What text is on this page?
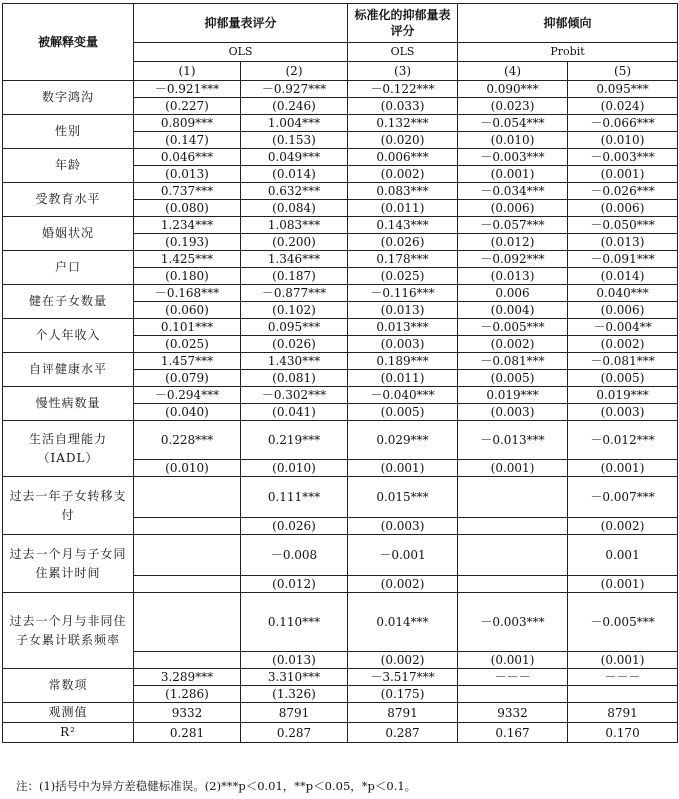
被解释变量	抑郁量表评分		标准化的抑郁量表评分	抑郁倾向	
	OLS		OLS	Probit	
	(1)	(2)	(3)	(4)	(5)
数字鸿沟	－0.921***	－0.927***	－0.122***	0.090***	0.095***
	(0.227)	(0.246)	(0.033)	(0.023)	(0.024)
性别	0.809***	1.004***	0.132***	－0.054***	－0.066***
	(0.147)	(0.153)	(0.020)	(0.010)	(0.010)
年龄	0.046***	0.049***	0.006***	－0.003***	－0.003***
	(0.013)	(0.014)	(0.002)	(0.001)	(0.001)
受教育水平	0.737***	0.632***	0.083***	－0.034***	－0.026***
	(0.080)	(0.084)	(0.011)	(0.006)	(0.006)
婚姻状况	1.234***	1.083***	0.143***	－0.057***	－0.050***
	(0.193)	(0.200)	(0.026)	(0.012)	(0.013)
户口	1.425***	1.346***	0.178***	－0.092***	－0.091***
	(0.180)	(0.187)	(0.025)	(0.013)	(0.014)
健在子女数量	－0.168***	－0.877***	－0.116***	0.006	0.040***
	(0.060)	(0.102)	(0.013)	(0.004)	(0.006)
个人年收入	0.101***	0.095***	0.013***	－0.005***	－0.004**
	(0.025)	(0.026)	(0.003)	(0.002)	(0.002)
自评健康水平	1.457***	1.430***	0.189***	－0.081***	－0.081***
	(0.079)	(0.081)	(0.011)	(0.005)	(0.005)
慢性病数量	－0.294***	－0.302***	－0.040***	0.019***	0.019***
	(0.040)	(0.041)	(0.005)	(0.003)	(0.003)
生活自理能力（IADL）	0.228***	0.219***	0.029***	－0.013***	－0.012***
	(0.010)	(0.010)	(0.001)	(0.001)	(0.001)
过去一年子女转移支付		0.111***	0.015***		－0.007***
		(0.026)	(0.003)		(0.002)
过去一个月与子女同住累计时间		－0.008	－0.001		0.001
		(0.012)	(0.002)		(0.001)
过去一个月与非同住子女累计联系频率		0.110***	0.014***	－0.003***	－0.005***
		(0.013)	(0.002)	(0.001)	(0.001)
常数项	3.289***	3.310***	－3.517***	－－－	－－－
	(1.286)	(1.326)	(0.175)		
观测值	9332	8791	8791	9332	8791
R²	0.281	0.287	0.287	0.167	0.170
注：(1)括号中为异方差稳健标准误。(2)***p＜0.01，**p＜0.05，*p＜0.1。
